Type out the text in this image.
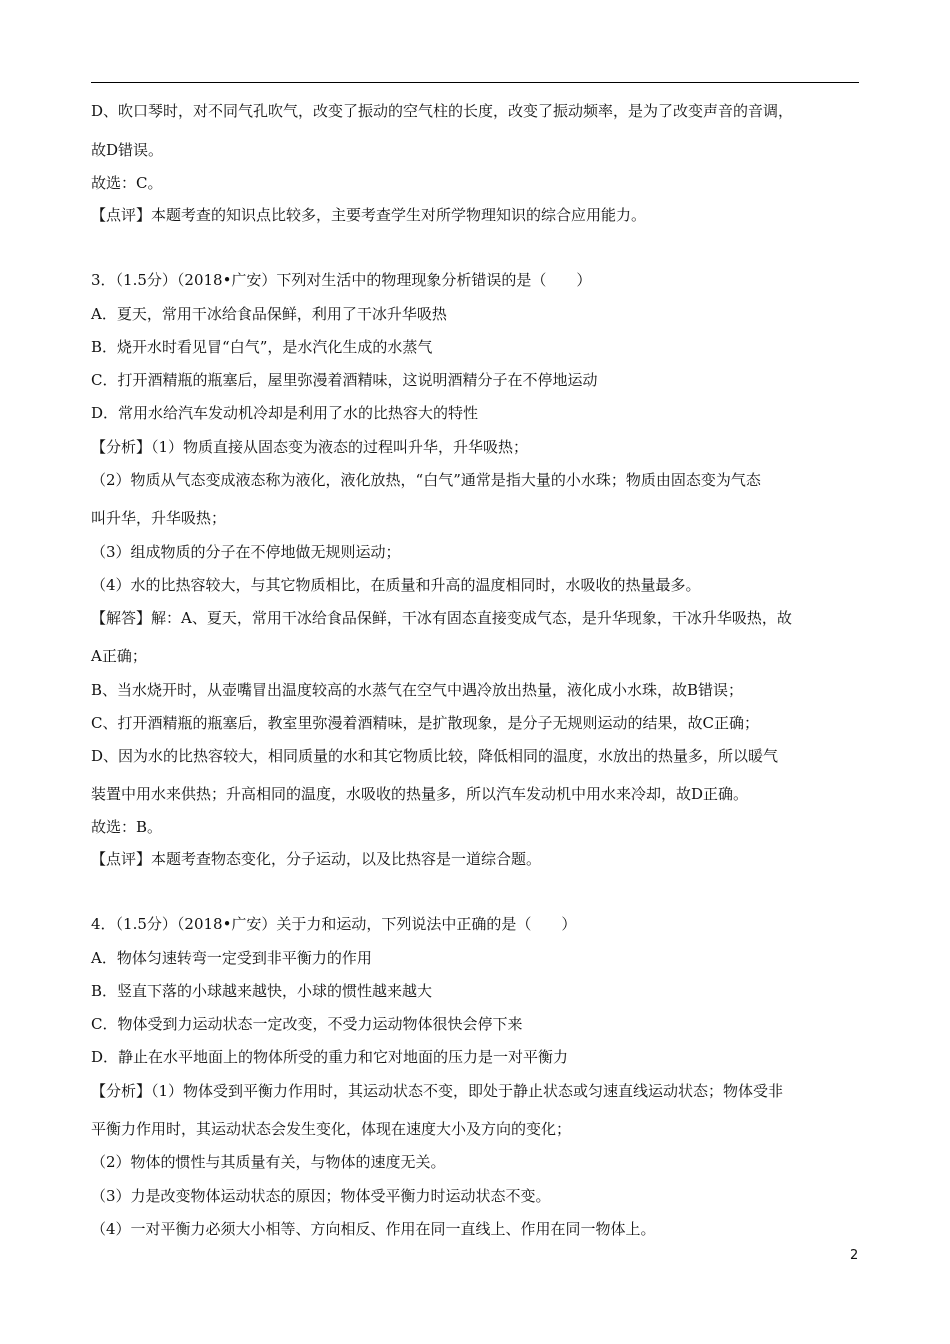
D、吹口琴时，对不同气孔吹气，改变了振动的空气柱的长度，改变了振动频率，是为了改变声音的音调，
故D错误。
故选：C。
【点评】本题考查的知识点比较多，主要考查学生对所学物理知识的综合应用能力。
3．（1.5分）（2018•广安）下列对生活中的物理现象分析错误的是（　　）
A．夏天，常用干冰给食品保鲜，利用了干冰升华吸热
B．烧开水时看见冒“白气”，是水汽化生成的水蒸气
C．打开酒精瓶的瓶塞后，屋里弥漫着酒精味，这说明酒精分子在不停地运动
D．常用水给汽车发动机冷却是利用了水的比热容大的特性
【分析】（1）物质直接从固态变为液态的过程叫升华，升华吸热；
（2）物质从气态变成液态称为液化，液化放热，“白气”通常是指大量的小水珠；物质由固态变为气态
叫升华，升华吸热；
（3）组成物质的分子在不停地做无规则运动；
（4）水的比热容较大，与其它物质相比，在质量和升高的温度相同时，水吸收的热量最多。
【解答】解：A、夏天，常用干冰给食品保鲜，干冰有固态直接变成气态，是升华现象，干冰升华吸热，故
A正确；
B、当水烧开时，从壶嘴冒出温度较高的水蒸气在空气中遇冷放出热量，液化成小水珠，故B错误；
C、打开酒精瓶的瓶塞后，教室里弥漫着酒精味，是扩散现象，是分子无规则运动的结果，故C正确；
D、因为水的比热容较大，相同质量的水和其它物质比较，降低相同的温度，水放出的热量多，所以暖气
装置中用水来供热；升高相同的温度，水吸收的热量多，所以汽车发动机中用水来冷却，故D正确。
故选：B。
【点评】本题考查物态变化，分子运动，以及比热容是一道综合题。
4．（1.5分）（2018•广安）关于力和运动，下列说法中正确的是（　　）
A．物体匀速转弯一定受到非平衡力的作用
B．竖直下落的小球越来越快，小球的惯性越来越大
C．物体受到力运动状态一定改变，不受力运动物体很快会停下来
D．静止在水平地面上的物体所受的重力和它对地面的压力是一对平衡力
【分析】（1）物体受到平衡力作用时，其运动状态不变，即处于静止状态或匀速直线运动状态；物体受非
平衡力作用时，其运动状态会发生变化，体现在速度大小及方向的变化；
（2）物体的惯性与其质量有关，与物体的速度无关。
（3）力是改变物体运动状态的原因；物体受平衡力时运动状态不变。
（4）一对平衡力必须大小相等、方向相反、作用在同一直线上、作用在同一物体上。
2
